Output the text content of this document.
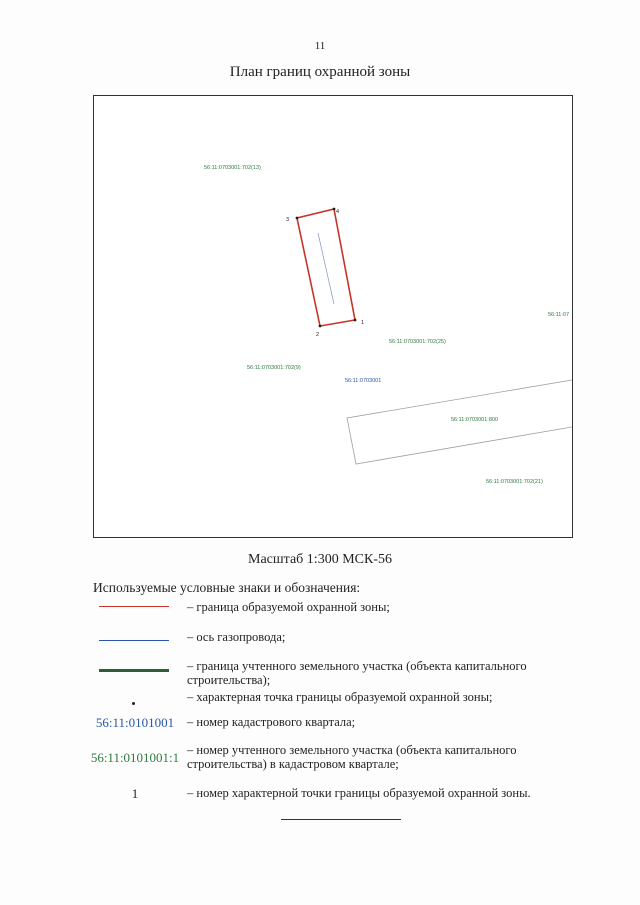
11
План границ охранной зоны
1
2
3
4
56:11:0703001:702(13)
56:11:0703001:702(25)
56:11:0703001:702(9)
56:11:0703001
56:11:0703001:800
56:11:0703001:702(21)
56:11:07
Масштаб 1:300 МСК-56
Используемые условные знаки и обозначения:
– граница образуемой охранной зоны;
– ось газопровода;
– граница учтенного земельного участка (объекта капитального строительства);
– характерная точка границы образуемой охранной зоны;
56:11:0101001	– номер кадастрового квартала;
56:11:0101001:1 – номер учтенного земельного участка (объекта капитального строительства) в кадастровом квартале;
1	– номер характерной точки границы образуемой охранной зоны.
